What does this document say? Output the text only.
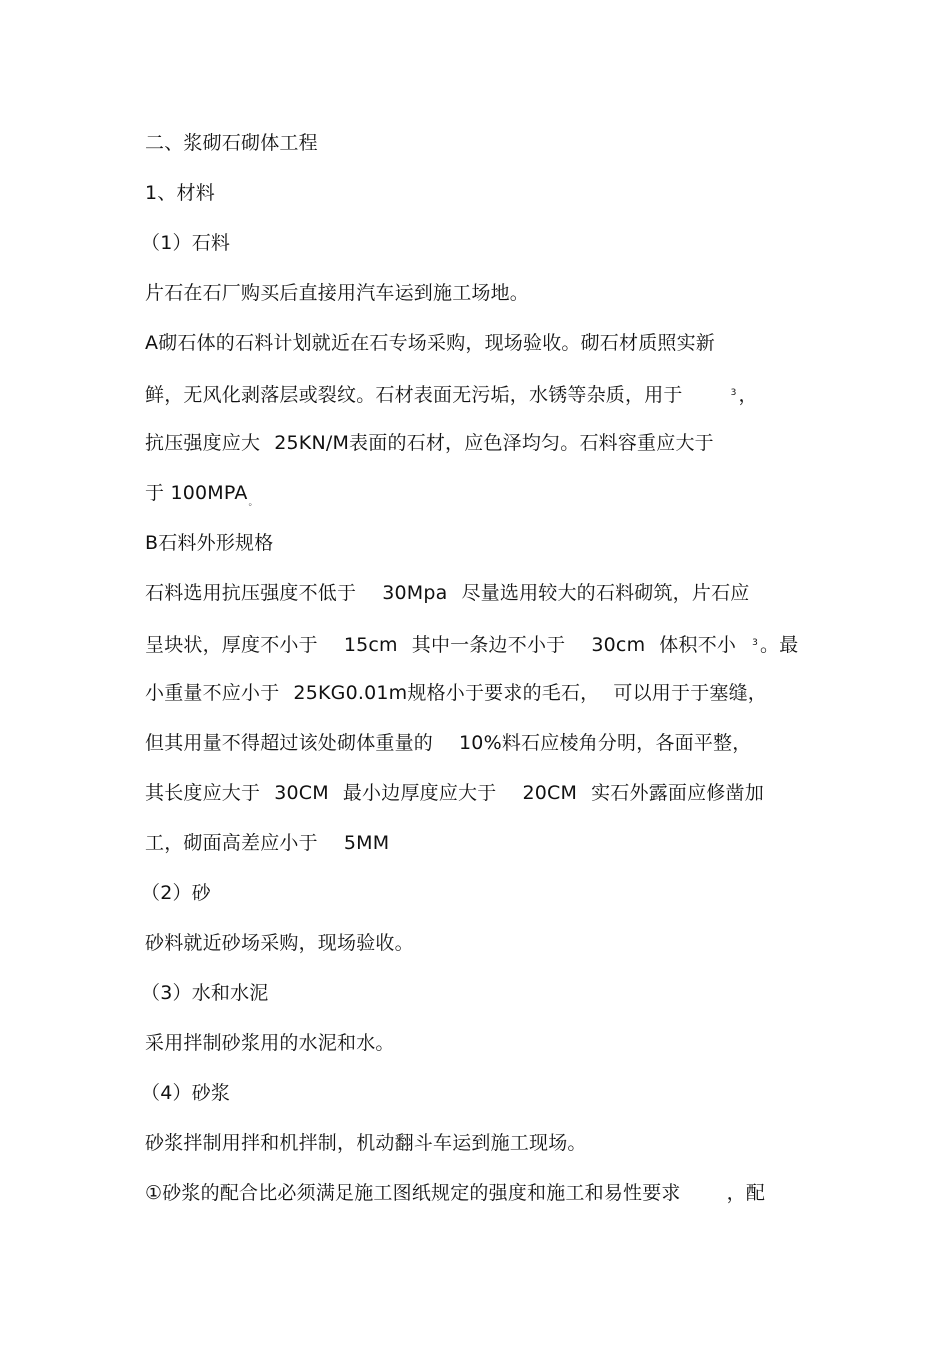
二、浆砌石砌体工程
1、材料
（1）石料
片石在石厂购买后直接用汽车运到施工场地。
A砌石体的石料计划就近在石专场采购，现场验收。砌石材质照实新
鲜，无风化剥落层或裂纹。石材表面无污垢，水锈等杂质，用于	$^3$ ，
抗压强度应大 25KN/M表面的石材，应色泽均匀。石料容重应大于
于 $100MPA_。$
B石料外形规格
石料选用抗压强度不低于 30Mpa 尽量选用较大的石料砌筑，片石应
呈块状，厚度不小于 15cm 其中一条边不小于 30cm 体积不小 $^3$ 。最
小重量不应小于 25KG0.01m规格小于要求的毛石， 可以用于于塞缝，
但其用量不得超过该处砌体重量的 10%料石应棱角分明，各面平整，
其长度应大于 30CM 最小边厚度应大于 20CM 实石外露面应修凿加
工，砌面高差应小于 5MM
（2）砂
砂料就近砂场采购，现场验收。
（3）水和水泥
采用拌制砂浆用的水泥和水。
（4）砂浆
砂浆拌制用拌和机拌制，机动翻斗车运到施工现场。
①砂浆的配合比必须满足施工图纸规定的强度和施工和易性要求 ，配
